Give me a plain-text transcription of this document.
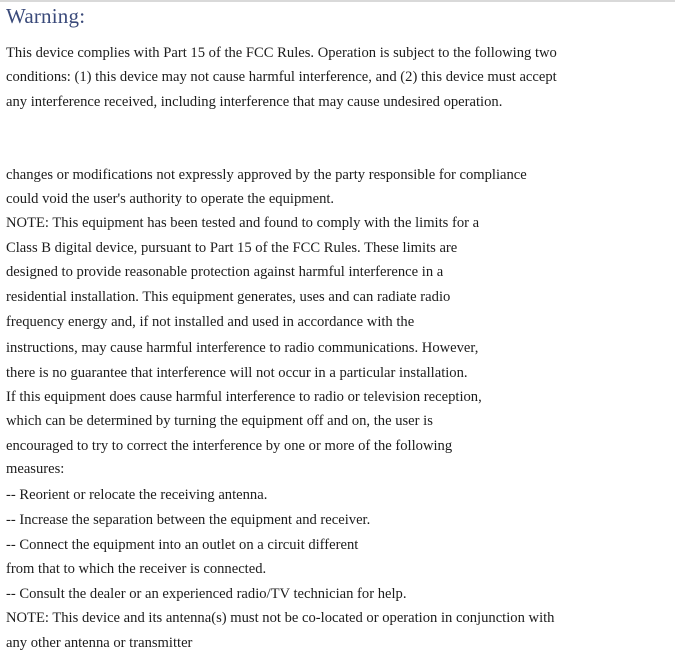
Warning:
This device complies with Part 15 of the FCC Rules. Operation is subject to the following two
conditions: (1) this device may not cause harmful interference, and (2) this device must accept
any interference received, including interference that may cause undesired operation.
changes or modifications not expressly approved by the party responsible for compliance
could void the user's authority to operate the equipment.
NOTE: This equipment has been tested and found to comply with the limits for a
Class B digital device, pursuant to Part 15 of the FCC Rules. These limits are
designed to provide reasonable protection against harmful interference in a
residential installation. This equipment generates, uses and can radiate radio
frequency energy and, if not installed and used in accordance with the
instructions, may cause harmful interference to radio communications. However,
there is no guarantee that interference will not occur in a particular installation.
If this equipment does cause harmful interference to radio or television reception,
which can be determined by turning the equipment off and on, the user is
encouraged to try to correct the interference by one or more of the following
measures:
-- Reorient or relocate the receiving antenna.
-- Increase the separation between the equipment and receiver.
-- Connect the equipment into an outlet on a circuit different
from that to which the receiver is connected.
-- Consult the dealer or an experienced radio/TV technician for help.
NOTE: This device and its antenna(s) must not be co-located or operation in conjunction with
any other antenna or transmitter
